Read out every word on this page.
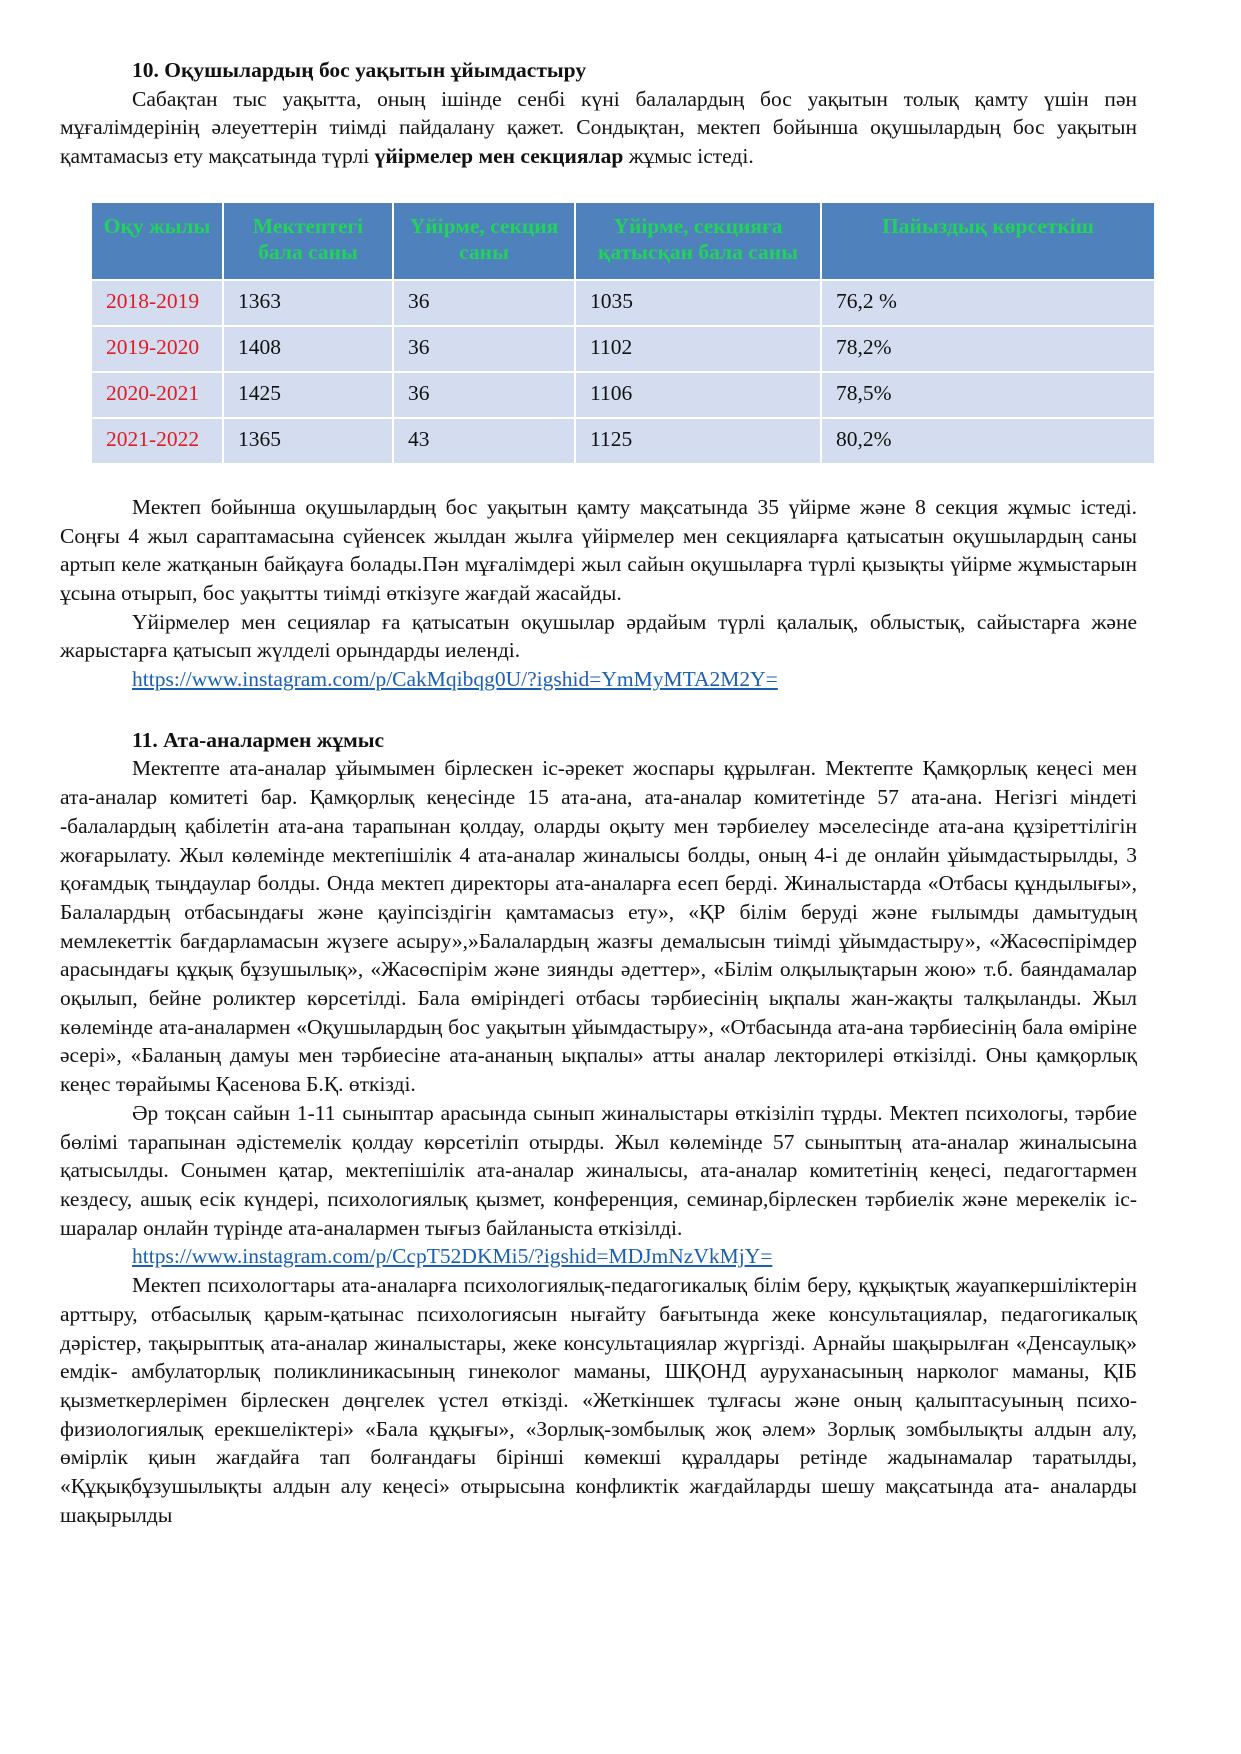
10. Оқушылардың бос уақытын ұйымдастыру

Сабақтан тыс уақытта, оның ішінде сенбі күні балалардың бос уақытын толық қамту үшін пән мұғалімдерінің әлеуеттерін тиімді пайдалану қажет. Сондықтан, мектеп бойынша оқушылардың бос уақытын қамтамасыз ету мақсатында түрлі үйірмелер мен секциялар жұмыс істеді.

Оқу жылы	Мектептегі бала саны	Үйірме, секция саны	Үйірме, секцияға қатысқан бала саны	Пайыздық көрсеткіш
2018-2019	1363	36	1035	76,2 %
2019-2020	1408	36	1102	78,2%
2020-2021	1425	36	1106	78,5%
2021-2022	1365	43	1125	80,2%

Мектеп бойынша оқушылардың бос уақытын қамту мақсатында 35 үйірме және 8 секция жұмыс істеді. Соңғы 4 жыл сараптамасына сүйенсек жылдан жылға үйірмелер мен секцияларға қатысатын оқушылардың саны артып келе жатқанын байқауға болады.Пән мұғалімдері жыл сайын оқушыларға түрлі қызықты үйірме жұмыстарын ұсына отырып, бос уақытты тиімді өткізуге жағдай жасайды.

Үйірмелер мен сециялар ға қатысатын оқушылар әрдайым түрлі қалалық, облыстық, сайыстарға және жарыстарға қатысып жүлделі орындарды иеленді.

https://www.instagram.com/p/CakMqibqg0U/?igshid=YmMyMTA2M2Y=
11. Ата-аналармен жұмыс

Мектепте ата-аналар ұйымымен бірлескен іс-әрекет жоспары құрылған. Мектепте Қамқорлық кеңесі мен ата-аналар комитеті бар. Қамқорлық кеңесінде 15 ата-ана, ата-аналар комитетінде 57 ата-ана. Негізгі міндеті -балалардың қабілетін ата-ана тарапынан қолдау, оларды оқыту мен тәрбиелеу мәселесінде ата-ана құзіреттілігін жоғарылату. Жыл көлемінде мектепішілік 4 ата-аналар жиналысы болды, оның 4-і де онлайн ұйымдастырылды, 3 қоғамдық тыңдаулар болды. Онда мектеп директоры ата-аналарға есеп берді. Жиналыстарда «Отбасы құндылығы», Балалардың отбасындағы және қауіпсіздігін қамтамасыз ету», «ҚР білім беруді және ғылымды дамытудың мемлекеттік бағдарламасын жүзеге асыру»,»Балалардың жазғы демалысын тиімді ұйымдастыру», «Жасөспірімдер арасындағы құқық бұзушылық», «Жасөспірім және зиянды әдеттер», «Білім олқылықтарын жою» т.б. баяндамалар оқылып, бейне роликтер көрсетілді. Бала өміріндегі отбасы тәрбиесінің ықпалы жан-жақты талқыланды. Жыл көлемінде ата-аналармен «Оқушылардың бос уақытын ұйымдастыру», «Отбасында ата-ана тәрбиесінің бала өміріне әсері», «Баланың дамуы мен тәрбиесіне ата-ананың ықпалы» атты аналар лекторилері өткізілді. Оны қамқорлық кеңес төрайымы Қасенова Б.Қ. өткізді.

Әр тоқсан сайын 1-11 сыныптар арасында сынып жиналыстары өткізіліп тұрды. Мектеп психологы, тәрбие бөлімі тарапынан әдістемелік қолдау көрсетіліп отырды. Жыл көлемінде 57 сыныптың ата-аналар жиналысына қатысылды. Сонымен қатар, мектепішілік ата-аналар жиналысы, ата-аналар комитетінің кеңесі, педагогтармен кездесу, ашық есік күндері, психологиялық қызмет, конференция, семинар,бірлескен тәрбиелік және мерекелік іс-шаралар онлайн түрінде ата-аналармен тығыз байланыста өткізілді.

https://www.instagram.com/p/CcpT52DKMi5/?igshid=MDJmNzVkMjY=

Мектеп психологтары ата-аналарға психологиялық-педагогикалық білім беру, құқықтық жауапкершіліктерін арттыру, отбасылық қарым-қатынас психологиясын нығайту бағытында жеке консультациялар, педагогикалық дәрістер, тақырыптық ата-аналар жиналыстары, жеке консультациялар жүргізді. Арнайы шақырылған «Денсаулық» емдік- амбулаторлық поликлиникасының гинеколог маманы, ШҚОНД ауруханасының нарколог маманы, ҚІБ қызметкерлерімен бірлескен дөңгелек үстел өткізді. «Жеткіншек тұлғасы және оның қалыптасуының психо-физиологиялық ерекшеліктері» «Бала құқығы», «Зорлық-зомбылық жоқ әлем» Зорлық зомбылықты алдын алу, өмірлік қиын жағдайға тап болғандағы бірінші көмекші құралдары ретінде жадынамалар таратылды, «Құқықбұзушылықты алдын алу кеңесі» отырысына конфликтік жағдайларды шешу мақсатында ата- аналарды шақырылды
